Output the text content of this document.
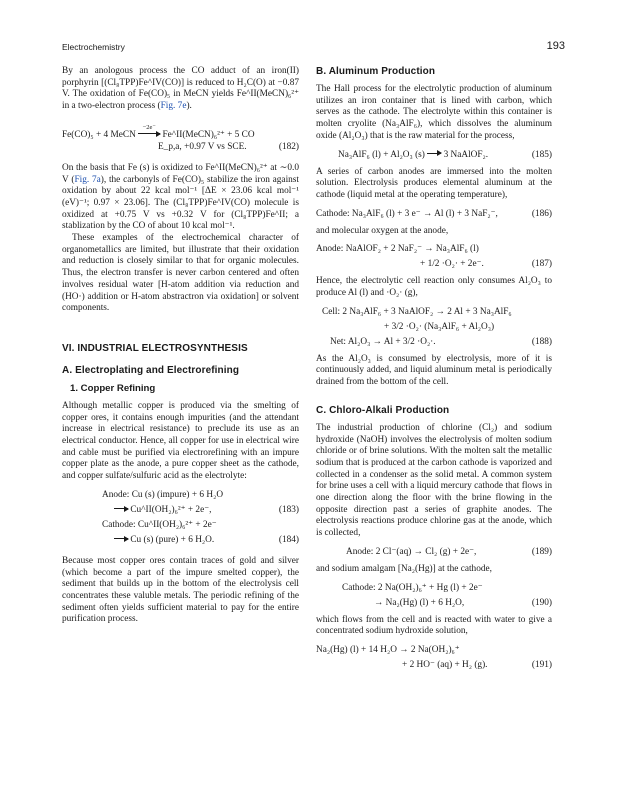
Electrochemistry	193

By an anologous process the CO adduct of an iron(II) porphyrin [(Cl₈TPP)Fe^IV(CO)] is reduced to H₂C(O) at −0.87 V. The oxidation of Fe(CO)₅ in MeCN yields Fe^II(MeCN)₆²⁺ in a two-electron process (Fig. 7e).

Fe(CO)₅ + 4 MeCN
−2e⁻
Fe^II(MeCN)₆²⁺ + 5 CO
E_p,a, +0.97 V vs SCE.	(182)

On the basis that Fe (s) is oxidized to Fe^II(MeCN)₆²⁺ at ∼0.0 V (Fig. 7a), the carbonyls of Fe(CO)₅ stabilize the iron against oxidation by about 22 kcal mol⁻¹ [ΔE × 23.06 kcal mol⁻¹ (eV)⁻¹; 0.97 × 23.06]. The (Cl₈TPP)Fe^IV(CO) molecule is oxidized at +0.75 V vs +0.32 V for (Cl₈TPP)Fe^II; a stablization by the CO of about 10 kcal mol⁻¹.

These examples of the electrochemical character of organometallics are limited, but illustrate that their oxidation and reduction is closely similar to that for organic molecules. Thus, the electron transfer is never carbon centered and often involves residual water [H-atom addition via reduction and (HO·) addition or H-atom abstractron via oxidation] or solvent components.

VI. INDUSTRIAL ELECTROSYNTHESIS
A. Electroplating and Electrorefining
1. Copper Refining

Although metallic copper is produced via the smelting of copper ores, it contains enough impurities (and the attendant increase in electrical resistance) to preclude its use as an electrical conductor. Hence, all copper for use in electrical wire and cable must be purified via electrorefining with an impure copper plate as the anode, a pure copper sheet as the cathode, and copper sulfate/sulfuric acid as the electrolyte:

Anode: Cu (s) (impure) + 6 H₂O
→ Cu^II(OH₂)₆²⁺ + 2e⁻,	(183)
Cathode: Cu^II(OH₂)₆²⁺ + 2e⁻
→ Cu (s) (pure) + 6 H₂O.	(184)

Because most copper ores contain traces of gold and silver (which become a part of the impure smelted copper), the sediment that builds up in the bottom of the electrolysis cell concentrates these valuble metals. The periodic refining of the sediment often yields sufficient material to pay for the entire purification process.

B. Aluminum Production

The Hall process for the electrolytic production of aluminum utilizes an iron container that is lined with carbon, which serves as the cathode. The electrolyte within this container is molten cryolite (Na₃AlF₆), which dissolves the aluminum oxide (Al₂O₃) that is the raw material for the process,

Na₃AlF₆ (l) + Al₂O₃ (s) → 3 NaAlOF₂.	(185)

A series of carbon anodes are immersed into the molten solution. Electrolysis produces elemental aluminum at the cathode (liquid metal at the operating temperature),

Cathode: Na₃AlF₆ (l) + 3 e⁻ → Al (l) + 3 NaF₂⁻,	(186)

and molecular oxygen at the anode,

Anode: NaAlOF₂ + 2 NaF₂⁻ → Na₃AlF₆ (l)
+ 1/2 ·O₂· + 2e⁻.	(187)

Hence, the electrolytic cell reaction only consumes Al₂O₃ to produce Al (l) and ·O₂· (g),

Cell: 2 Na₃AlF₆ + 3 NaAlOF₂ → 2 Al + 3 Na₃AlF₆
+ 3/2 ·O₂· (Na₃AlF₆ + Al₂O₃)
Net: Al₂O₃ → Al + 3/2 ·O₂·.	(188)

As the Al₂O₃ is consumed by electrolysis, more of it is continuously added, and liquid aluminum metal is periodically drained from the bottom of the cell.

C. Chloro-Alkali Production

The industrial production of chlorine (Cl₂) and sodium hydroxide (NaOH) involves the electrolysis of molten sodium chloride or of brine solutions. With the molten salt the metallic sodium that is produced at the carbon cathode is vaporized and collected in a condenser as the solid metal. A common system for brine uses a cell with a liquid mercury cathode that flows in one direction along the floor with the brine flowing in the opposite direction past a series of graphite anodes. The electrolysis reactions produce chlorine gas at the anode, which is collected,

Anode: 2 Cl⁻(aq) → Cl₂ (g) + 2e⁻,	(189)

and sodium amalgam [Na₂(Hg)] at the cathode,

Cathode: 2 Na(OH₂)₆⁺ + Hg (l) + 2e⁻
→ Na₂(Hg) (l) + 6 H₂O,	(190)

which flows from the cell and is reacted with water to give a concentrated sodium hydroxide solution,

Na₂(Hg) (l) + 14 H₂O → 2 Na(OH₂)₆⁺
+ 2 HO⁻ (aq) + H₂ (g).	(191)
